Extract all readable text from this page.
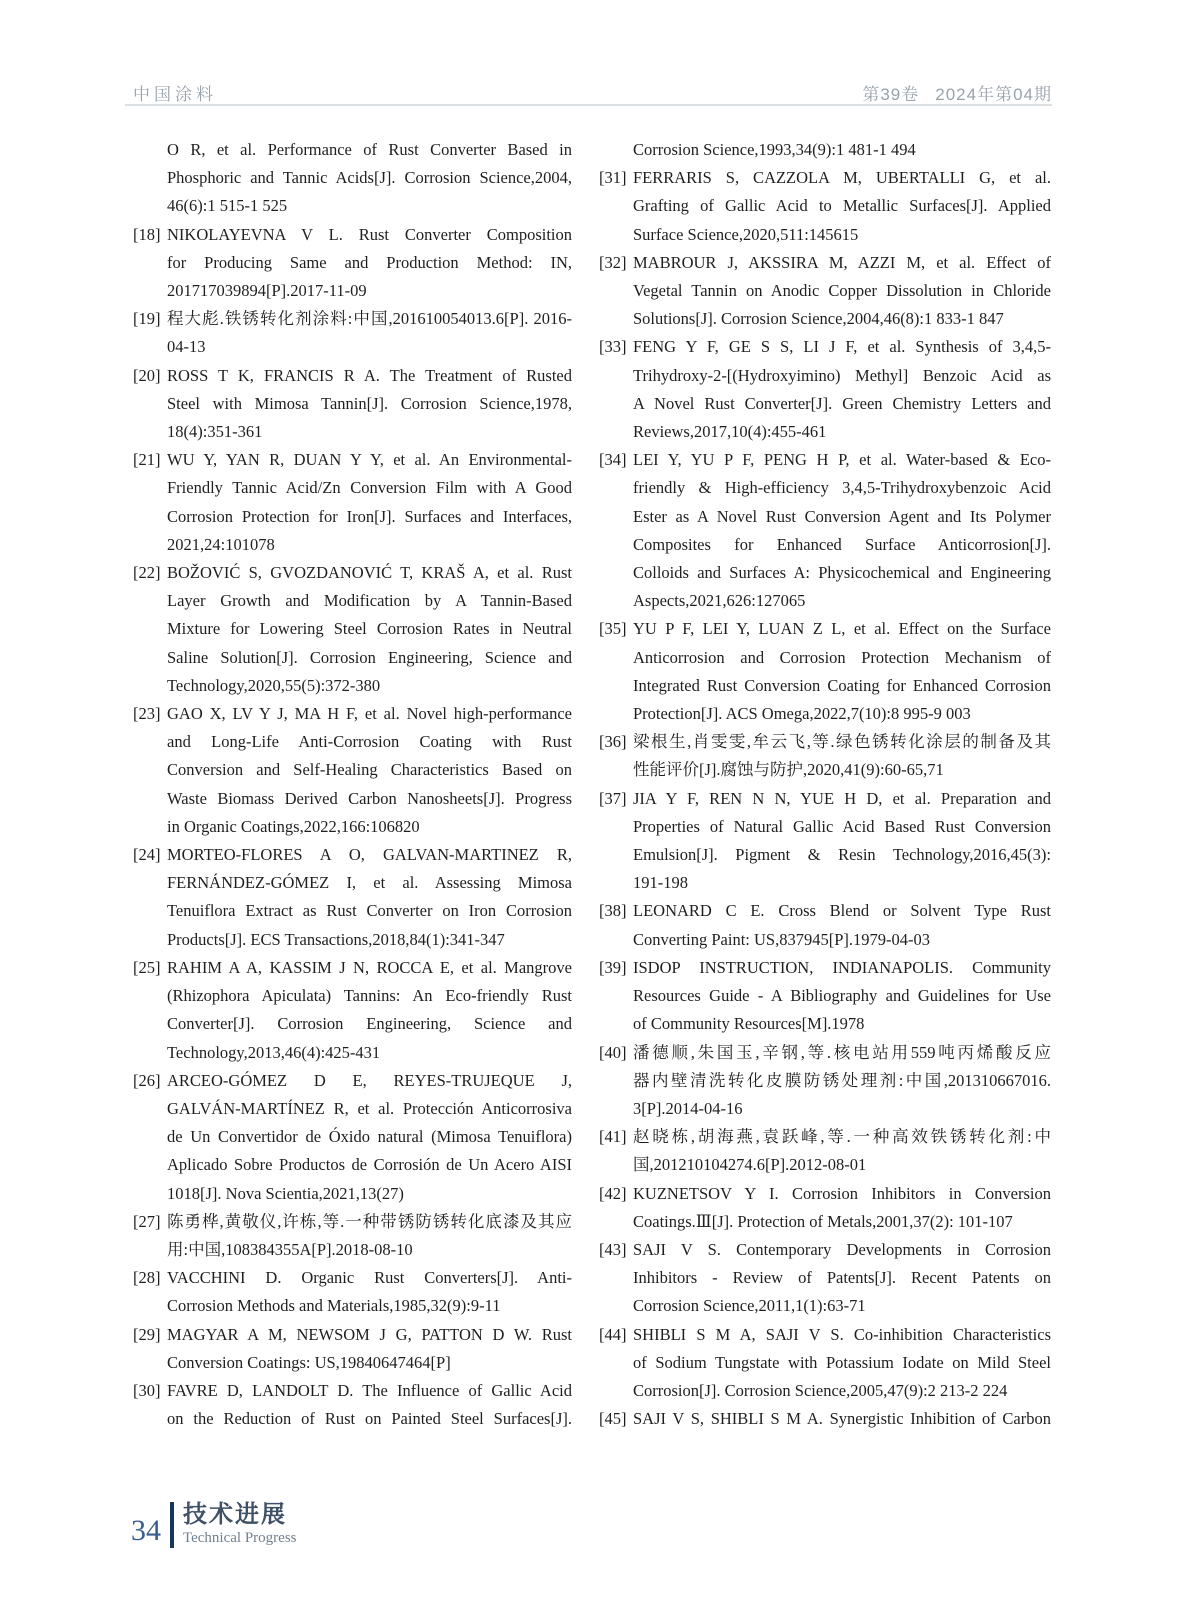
中国涂料	第39卷 2024年第04期
O R, et al. Performance of Rust Converter Based in
Phosphoric and Tannic Acids[J]. Corrosion Science,2004,
46(6):1 515-1 525
[18] NIKOLAYEVNA V L. Rust Converter Composition
for Producing Same and Production Method: IN,
201717039894[P].2017-11-09
[19] 程大彪.铁锈转化剂涂料:中国,201610054013.6[P]. 2016-
04-13
[20] ROSS T K, FRANCIS R A. The Treatment of Rusted
Steel with Mimosa Tannin[J]. Corrosion Science,1978,
18(4):351-361
[21] WU Y, YAN R, DUAN Y Y, et al. An Environmental-
Friendly Tannic Acid/Zn Conversion Film with A Good
Corrosion Protection for Iron[J]. Surfaces and Interfaces,
2021,24:101078
[22] BOŽOVIĆ S, GVOZDANOVIĆ T, KRAŠ A, et al. Rust
Layer Growth and Modification by A Tannin-Based
Mixture for Lowering Steel Corrosion Rates in Neutral
Saline Solution[J]. Corrosion Engineering, Science and
Technology,2020,55(5):372-380
[23] GAO X, LV Y J, MA H F, et al. Novel high-performance
and Long-Life Anti-Corrosion Coating with Rust
Conversion and Self-Healing Characteristics Based on
Waste Biomass Derived Carbon Nanosheets[J]. Progress
in Organic Coatings,2022,166:106820
[24] MORTEO-FLORES A O, GALVAN-MARTINEZ R,
FERNÁNDEZ-GÓMEZ I, et al. Assessing Mimosa
Tenuiflora Extract as Rust Converter on Iron Corrosion
Products[J]. ECS Transactions,2018,84(1):341-347
[25] RAHIM A A, KASSIM J N, ROCCA E, et al. Mangrove
(Rhizophora Apiculata) Tannins: An Eco-friendly Rust
Converter[J]. Corrosion Engineering, Science and
Technology,2013,46(4):425-431
[26] ARCEO-GÓMEZ D E, REYES-TRUJEQUE J,
GALVÁN-MARTÍNEZ R, et al. Protección Anticorrosiva
de Un Convertidor de Óxido natural (Mimosa Tenuiflora)
Aplicado Sobre Productos de Corrosión de Un Acero AISI
1018[J]. Nova Scientia,2021,13(27)
[27] 陈勇桦,黄敬仪,许栋,等.一种带锈防锈转化底漆及其应
用:中国,108384355A[P].2018-08-10
[28] VACCHINI D. Organic Rust Converters[J]. Anti-
Corrosion Methods and Materials,1985,32(9):9-11
[29] MAGYAR A M, NEWSOM J G, PATTON D W. Rust
Conversion Coatings: US,19840647464[P]
[30] FAVRE D, LANDOLT D. The Influence of Gallic Acid
on the Reduction of Rust on Painted Steel Surfaces[J].
Corrosion Science,1993,34(9):1 481-1 494
[31] FERRARIS S, CAZZOLA M, UBERTALLI G, et al.
Grafting of Gallic Acid to Metallic Surfaces[J]. Applied
Surface Science,2020,511:145615
[32] MABROUR J, AKSSIRA M, AZZI M, et al. Effect of
Vegetal Tannin on Anodic Copper Dissolution in Chloride
Solutions[J]. Corrosion Science,2004,46(8):1 833-1 847
[33] FENG Y F, GE S S, LI J F, et al. Synthesis of 3,4,5-
Trihydroxy-2-[(Hydroxyimino) Methyl] Benzoic Acid as
A Novel Rust Converter[J]. Green Chemistry Letters and
Reviews,2017,10(4):455-461
[34] LEI Y, YU P F, PENG H P, et al. Water-based & Eco-
friendly & High-efficiency 3,4,5-Trihydroxybenzoic Acid
Ester as A Novel Rust Conversion Agent and Its Polymer
Composites for Enhanced Surface Anticorrosion[J].
Colloids and Surfaces A: Physicochemical and Engineering
Aspects,2021,626:127065
[35] YU P F, LEI Y, LUAN Z L, et al. Effect on the Surface
Anticorrosion and Corrosion Protection Mechanism of
Integrated Rust Conversion Coating for Enhanced Corrosion
Protection[J]. ACS Omega,2022,7(10):8 995-9 003
[36] 梁根生,肖雯雯,牟云飞,等.绿色锈转化涂层的制备及其
性能评价[J].腐蚀与防护,2020,41(9):60-65,71
[37] JIA Y F, REN N N, YUE H D, et al. Preparation and
Properties of Natural Gallic Acid Based Rust Conversion
Emulsion[J]. Pigment & Resin Technology,2016,45(3):
191-198
[38] LEONARD C E. Cross Blend or Solvent Type Rust
Converting Paint: US,837945[P].1979-04-03
[39] ISDOP INSTRUCTION, INDIANAPOLIS. Community
Resources Guide - A Bibliography and Guidelines for Use
of Community Resources[M].1978
[40] 潘德顺,朱国玉,辛钢,等.核电站用559吨丙烯酸反应
器内壁清洗转化皮膜防锈处理剂:中国,201310667016.
3[P].2014-04-16
[41] 赵晓栋,胡海燕,袁跃峰,等.一种高效铁锈转化剂:中
国,201210104274.6[P].2012-08-01
[42] KUZNETSOV Y I. Corrosion Inhibitors in Conversion
Coatings.Ⅲ[J]. Protection of Metals,2001,37(2): 101-107
[43] SAJI V S. Contemporary Developments in Corrosion
Inhibitors - Review of Patents[J]. Recent Patents on
Corrosion Science,2011,1(1):63-71
[44] SHIBLI S M A, SAJI V S. Co-inhibition Characteristics
of Sodium Tungstate with Potassium Iodate on Mild Steel
Corrosion[J]. Corrosion Science,2005,47(9):2 213-2 224
[45] SAJI V S, SHIBLI S M A. Synergistic Inhibition of Carbon
34 技术进展
Technical Progress
